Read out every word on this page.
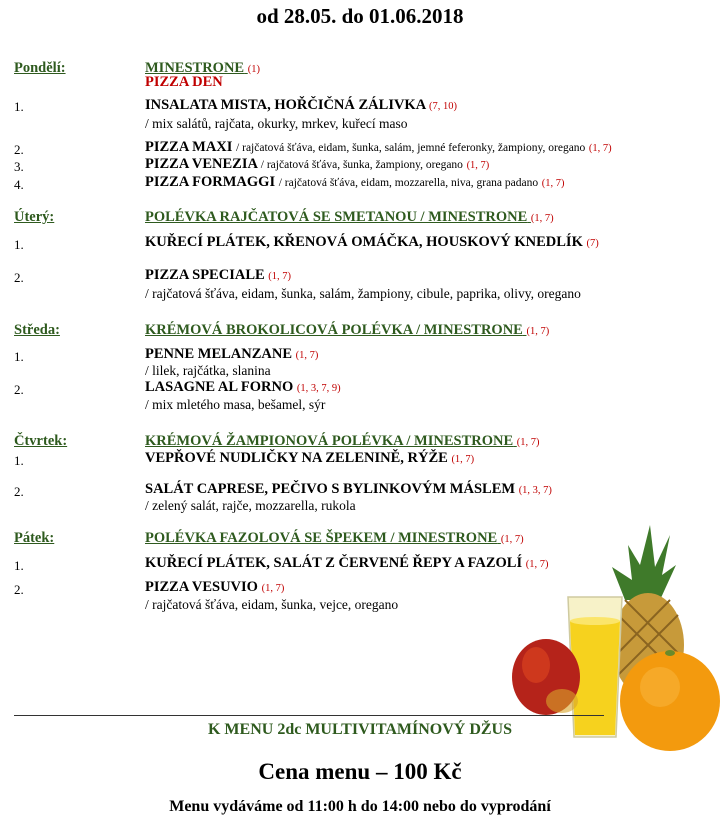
od 28.05. do 01.06.2018
Pondělí:	MINESTRONE (1)
PIZZA DEN
1.	INSALATA MISTA, HOŘČIČNÁ ZÁLIVKA (7, 10)
/ mix salátů, rajčata, okurky, mrkev, kuřecí maso
2.	PIZZA MAXI / rajčatová šťáva, eidam, šunka, salám, jemné feferonky, žampiony, oregano (1, 7)
3.	PIZZA VENEZIA / rajčatová šťáva, šunka, žampiony, oregano (1, 7)
4.	PIZZA FORMAGGI / rajčatová šťáva, eidam, mozzarella, niva, grana padano (1, 7)
Úterý:	POLÉVKA RAJČATOVÁ SE SMETANOU / MINESTRONE (1, 7)
1.	KUŘECÍ PLÁTEK, KŘENOVÁ OMÁČKA, HOUSKOVÝ KNEDLÍK (7)
2.	PIZZA SPECIALE (1, 7)
/ rajčatová šťáva, eidam, šunka, salám, žampiony, cibule, paprika, olivy, oregano
Středa:	KRÉMOVÁ BROKOLICOVÁ POLÉVKA / MINESTRONE (1, 7)
1.	PENNE MELANZANE (1, 7)
/ lilek, rajčátka, slanina
2.	LASAGNE AL FORNO (1, 3, 7, 9)
/ mix mletého masa, bešamel, sýr
Čtvrtek:	KRÉMOVÁ ŽAMPIONOVÁ POLÉVKA / MINESTRONE (1, 7)
1.	VEPŘOVÉ NUDLIČKY NA ZELENINĚ, RÝŽE (1, 7)
2.	SALÁT CAPRESE, PEČIVO S BYLINKOVÝM MÁSLEM (1, 3, 7)
/ zelený salát, rajče, mozzarella, rukola
Pátek:	POLÉVKA FAZOLOVÁ SE ŠPEKEM / MINESTRONE (1, 7)
1.	KUŘECÍ PLÁTEK, SALÁT Z ČERVENÉ ŘEPY A FAZOLÍ (1, 7)
2.	PIZZA VESUVIO (1, 7)
/ rajčatová šťáva, eidam, šunka, vejce, oregano
K MENU 2dc MULTIVITAMÍNOVÝ DŽUS
Cena menu – 100 Kč
Menu vydáváme od 11:00 h do 14:00 nebo do vyprodání
